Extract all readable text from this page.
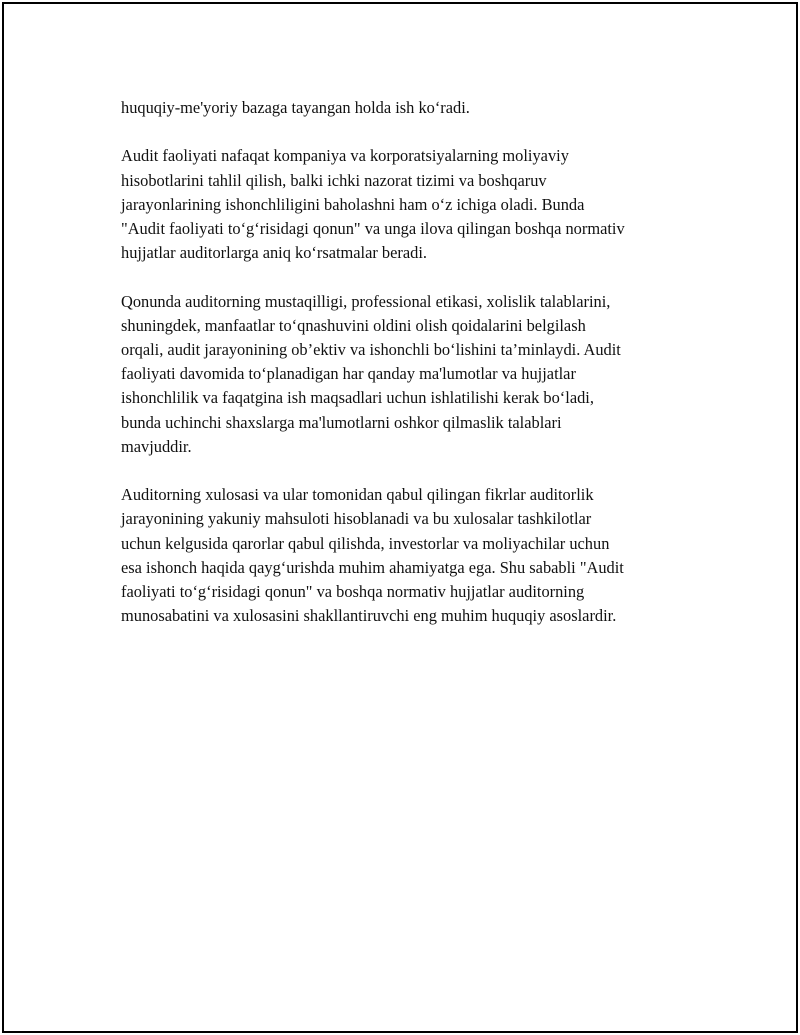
huquqiy-me'yoriy bazaga tayangan holda ish ko‘radi.

Audit faoliyati nafaqat kompaniya va korporatsiyalarning moliyaviy
hisobotlarini tahlil qilish, balki ichki nazorat tizimi va boshqaruv
jarayonlarining ishonchliligini baholashni ham o‘z ichiga oladi. Bunda
"Audit faoliyati to‘g‘risidagi qonun" va unga ilova qilingan boshqa normativ
hujjatlar auditorlarga aniq ko‘rsatmalar beradi.

Qonunda auditorning mustaqilligi, professional etikasi, xolislik talablarini,
shuningdek, manfaatlar to‘qnashuvini oldini olish qoidalarini belgilash
orqali, audit jarayonining ob’ektiv va ishonchli bo‘lishini ta’minlaydi. Audit
faoliyati davomida to‘planadigan har qanday ma'lumotlar va hujjatlar
ishonchlilik va faqatgina ish maqsadlari uchun ishlatilishi kerak bo‘ladi,
bunda uchinchi shaxslarga ma'lumotlarni oshkor qilmaslik talablari
mavjuddir.

Auditorning xulosasi va ular tomonidan qabul qilingan fikrlar auditorlik
jarayonining yakuniy mahsuloti hisoblanadi va bu xulosalar tashkilotlar
uchun kelgusida qarorlar qabul qilishda, investorlar va moliyachilar uchun
esa ishonch haqida qayg‘urishda muhim ahamiyatga ega. Shu sababli "Audit
faoliyati to‘g‘risidagi qonun" va boshqa normativ hujjatlar auditorning
munosabatini va xulosasini shakllantiruvchi eng muhim huquqiy asoslardir.
